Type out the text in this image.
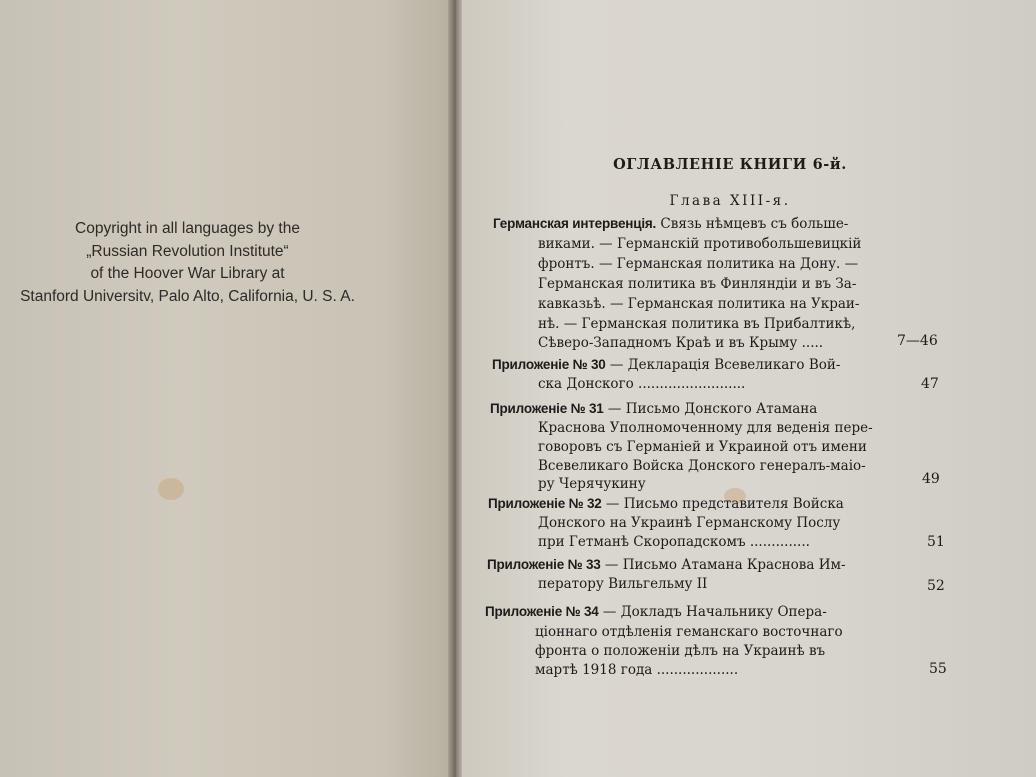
Copyright in all languages by the
„Russian Revolution Institute“
of the Hoover War Library at
Stanford Universitv, Palo Alto, California, U. S. A.
ОГЛАВЛЕНІЕ КНИГИ 6-й.
Глава XIII-я.
Германская интервенція. Связь нѣмцевъ съ больше-
виками. — Германскій противобольшевицкій
фронтъ. — Германская политика на Дону. —
Германская политика въ Финляндіи и въ За-
кавказьѣ. — Германская политика на Украи-
нѣ. — Германская политика въ Прибалтикѣ,
Сѣверо-Западномъ Краѣ и въ Крыму .....	7—46
Приложеніе № 30 — Декларація Всевеликаго Вой-
ска Донского .........................	47
Приложеніе № 31 — Письмо Донского Атамана
Краснова Уполномоченному для веденія пере-
говоровъ съ Германіей и Украиной отъ имени
Всевеликаго Войска Донского генералъ-маіо-
ру Черячукину	49
Приложеніе № 32 — Письмо представителя Войска
Донского на Украинѣ Германскому Послу
при Гетманѣ Скоропадскомъ ..............	51
Приложеніе № 33 — Письмо Атамана Краснова Им-
ператору Вильгельму II	52
Приложеніе № 34 — Докладъ Начальнику Опера-
ціоннаго отдѣленія геманскаго восточнаго
фронта о положеніи дѣлъ на Украинѣ въ
мартѣ 1918 года ...................	55
